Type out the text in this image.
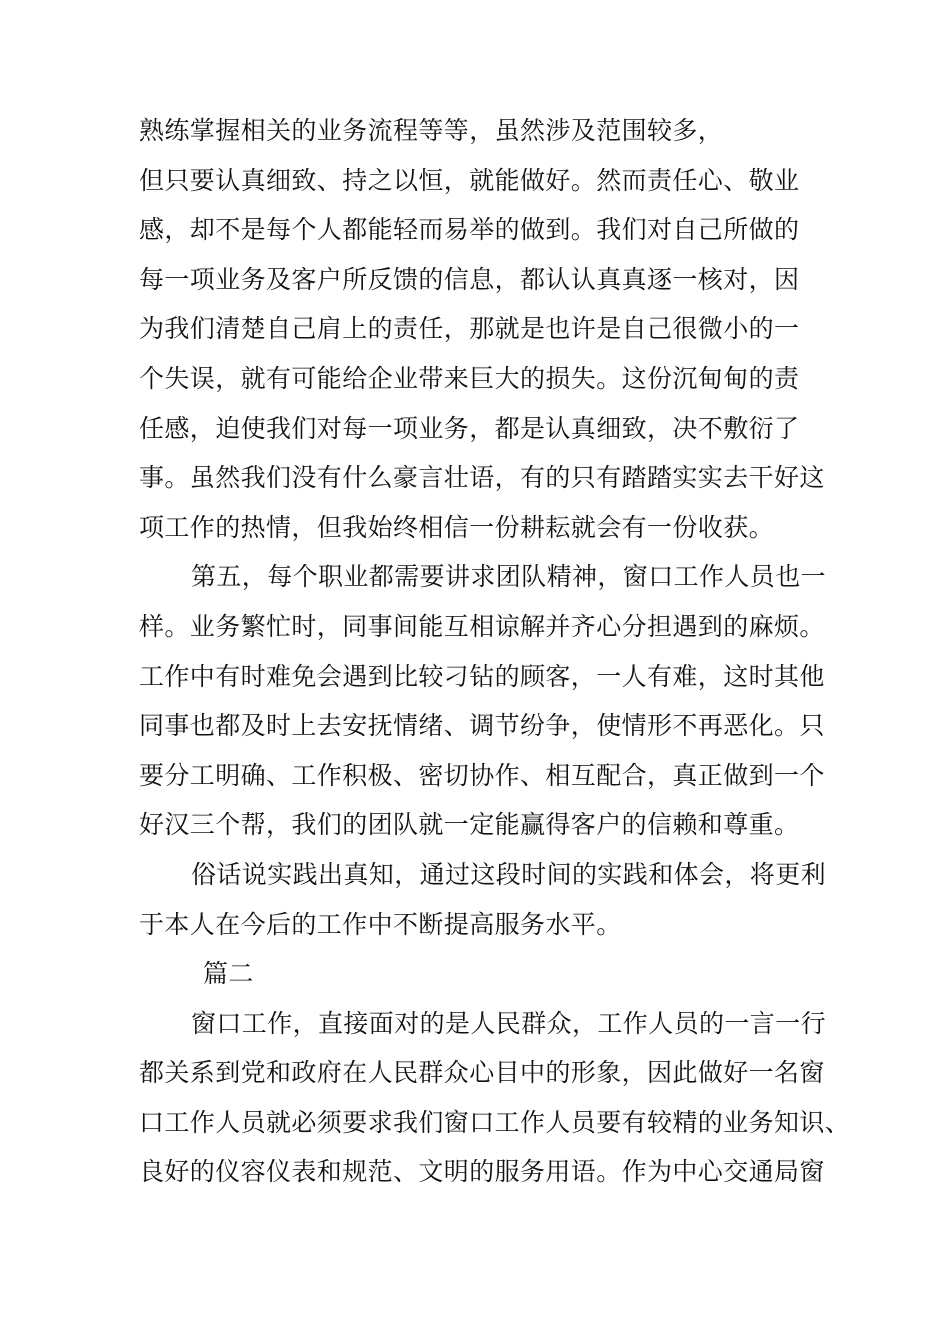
熟练掌握相关的业务流程等等，虽然涉及范围较多，
但只要认真细致、持之以恒，就能做好。然而责任心、敬业
感，却不是每个人都能轻而易举的做到。我们对自己所做的
每一项业务及客户所反馈的信息，都认认真真逐一核对，因
为我们清楚自己肩上的责任，那就是也许是自己很微小的一
个失误，就有可能给企业带来巨大的损失。这份沉甸甸的责
任感，迫使我们对每一项业务，都是认真细致，决不敷衍了
事。虽然我们没有什么豪言壮语，有的只有踏踏实实去干好这
项工作的热情，但我始终相信一份耕耘就会有一份收获。
第五，每个职业都需要讲求团队精神，窗口工作人员也一
样。业务繁忙时，同事间能互相谅解并齐心分担遇到的麻烦。
工作中有时难免会遇到比较刁钻的顾客，一人有难，这时其他
同事也都及时上去安抚情绪、调节纷争，使情形不再恶化。只
要分工明确、工作积极、密切协作、相互配合，真正做到一个
好汉三个帮，我们的团队就一定能赢得客户的信赖和尊重。
俗话说实践出真知，通过这段时间的实践和体会，将更利
于本人在今后的工作中不断提高服务水平。
篇二
窗口工作，直接面对的是人民群众，工作人员的一言一行
都关系到党和政府在人民群众心目中的形象，因此做好一名窗
口工作人员就必须要求我们窗口工作人员要有较精的业务知识、
良好的仪容仪表和规范、文明的服务用语。作为中心交通局窗
